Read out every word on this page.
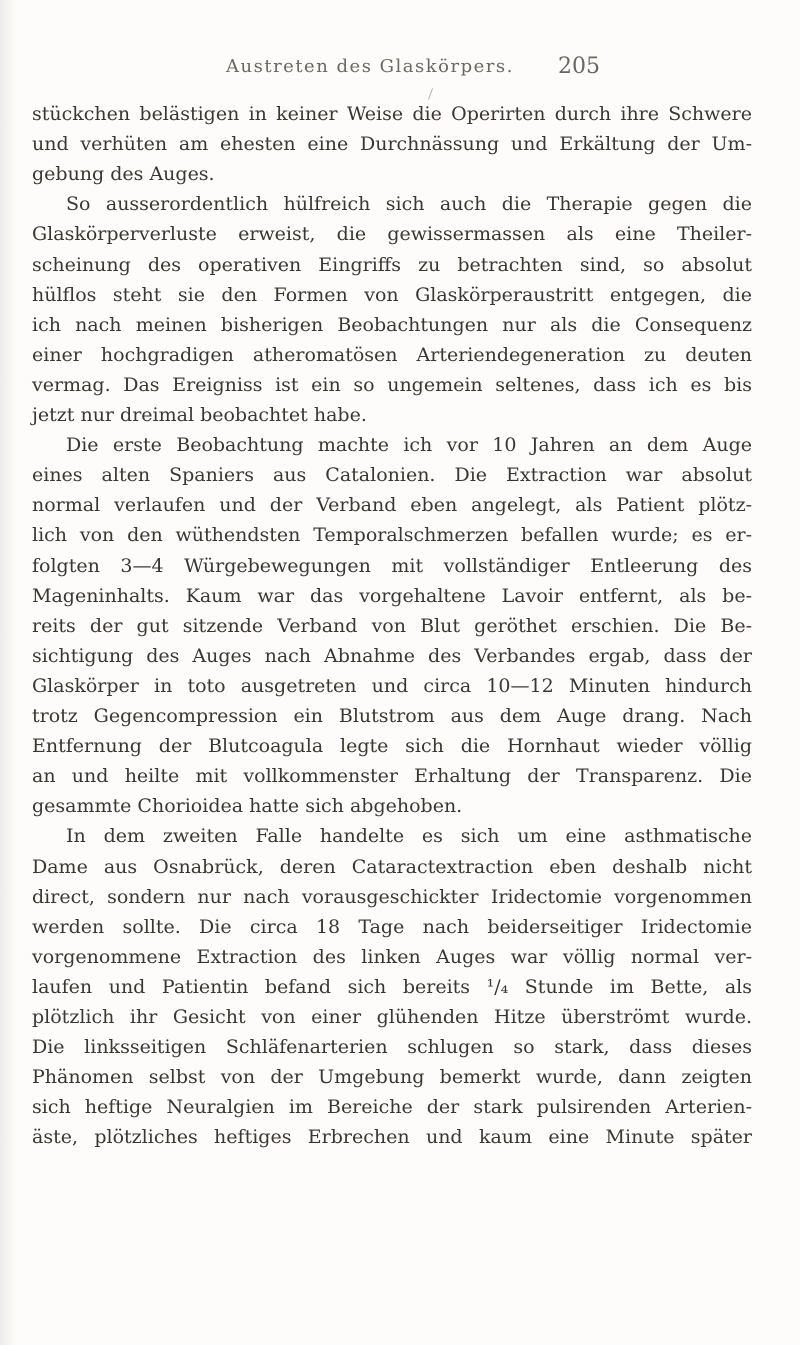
Austreten des Glaskörpers. 205
stückchen belästigen in keiner Weise die Operirten durch ihre Schwere
und verhüten am ehesten eine Durchnässung und Erkältung der Um-
gebung des Auges.
So ausserordentlich hülfreich sich auch die Therapie gegen die
Glaskörperverluste erweist, die gewissermassen als eine Theiler-
scheinung des operativen Eingriffs zu betrachten sind, so absolut
hülflos steht sie den Formen von Glaskörperaustritt entgegen, die
ich nach meinen bisherigen Beobachtungen nur als die Consequenz
einer hochgradigen atheromatösen Arteriendegeneration zu deuten
vermag. Das Ereigniss ist ein so ungemein seltenes, dass ich es bis
jetzt nur dreimal beobachtet habe.
Die erste Beobachtung machte ich vor 10 Jahren an dem Auge
eines alten Spaniers aus Catalonien. Die Extraction war absolut
normal verlaufen und der Verband eben angelegt, als Patient plötz-
lich von den wüthendsten Temporalschmerzen befallen wurde; es er-
folgten 3—4 Würgebewegungen mit vollständiger Entleerung des
Mageninhalts. Kaum war das vorgehaltene Lavoir entfernt, als be-
reits der gut sitzende Verband von Blut geröthet erschien. Die Be-
sichtigung des Auges nach Abnahme des Verbandes ergab, dass der
Glaskörper in toto ausgetreten und circa 10—12 Minuten hindurch
trotz Gegencompression ein Blutstrom aus dem Auge drang. Nach
Entfernung der Blutcoagula legte sich die Hornhaut wieder völlig
an und heilte mit vollkommenster Erhaltung der Transparenz. Die
gesammte Chorioidea hatte sich abgehoben.
In dem zweiten Falle handelte es sich um eine asthmatische
Dame aus Osnabrück, deren Cataractextraction eben deshalb nicht
direct, sondern nur nach vorausgeschickter Iridectomie vorgenommen
werden sollte. Die circa 18 Tage nach beiderseitiger Iridectomie
vorgenommene Extraction des linken Auges war völlig normal ver-
laufen und Patientin befand sich bereits ¹/₄ Stunde im Bette, als
plötzlich ihr Gesicht von einer glühenden Hitze überströmt wurde.
Die linksseitigen Schläfenarterien schlugen so stark, dass dieses
Phänomen selbst von der Umgebung bemerkt wurde, dann zeigten
sich heftige Neuralgien im Bereiche der stark pulsirenden Arterien-
äste, plötzliches heftiges Erbrechen und kaum eine Minute später
